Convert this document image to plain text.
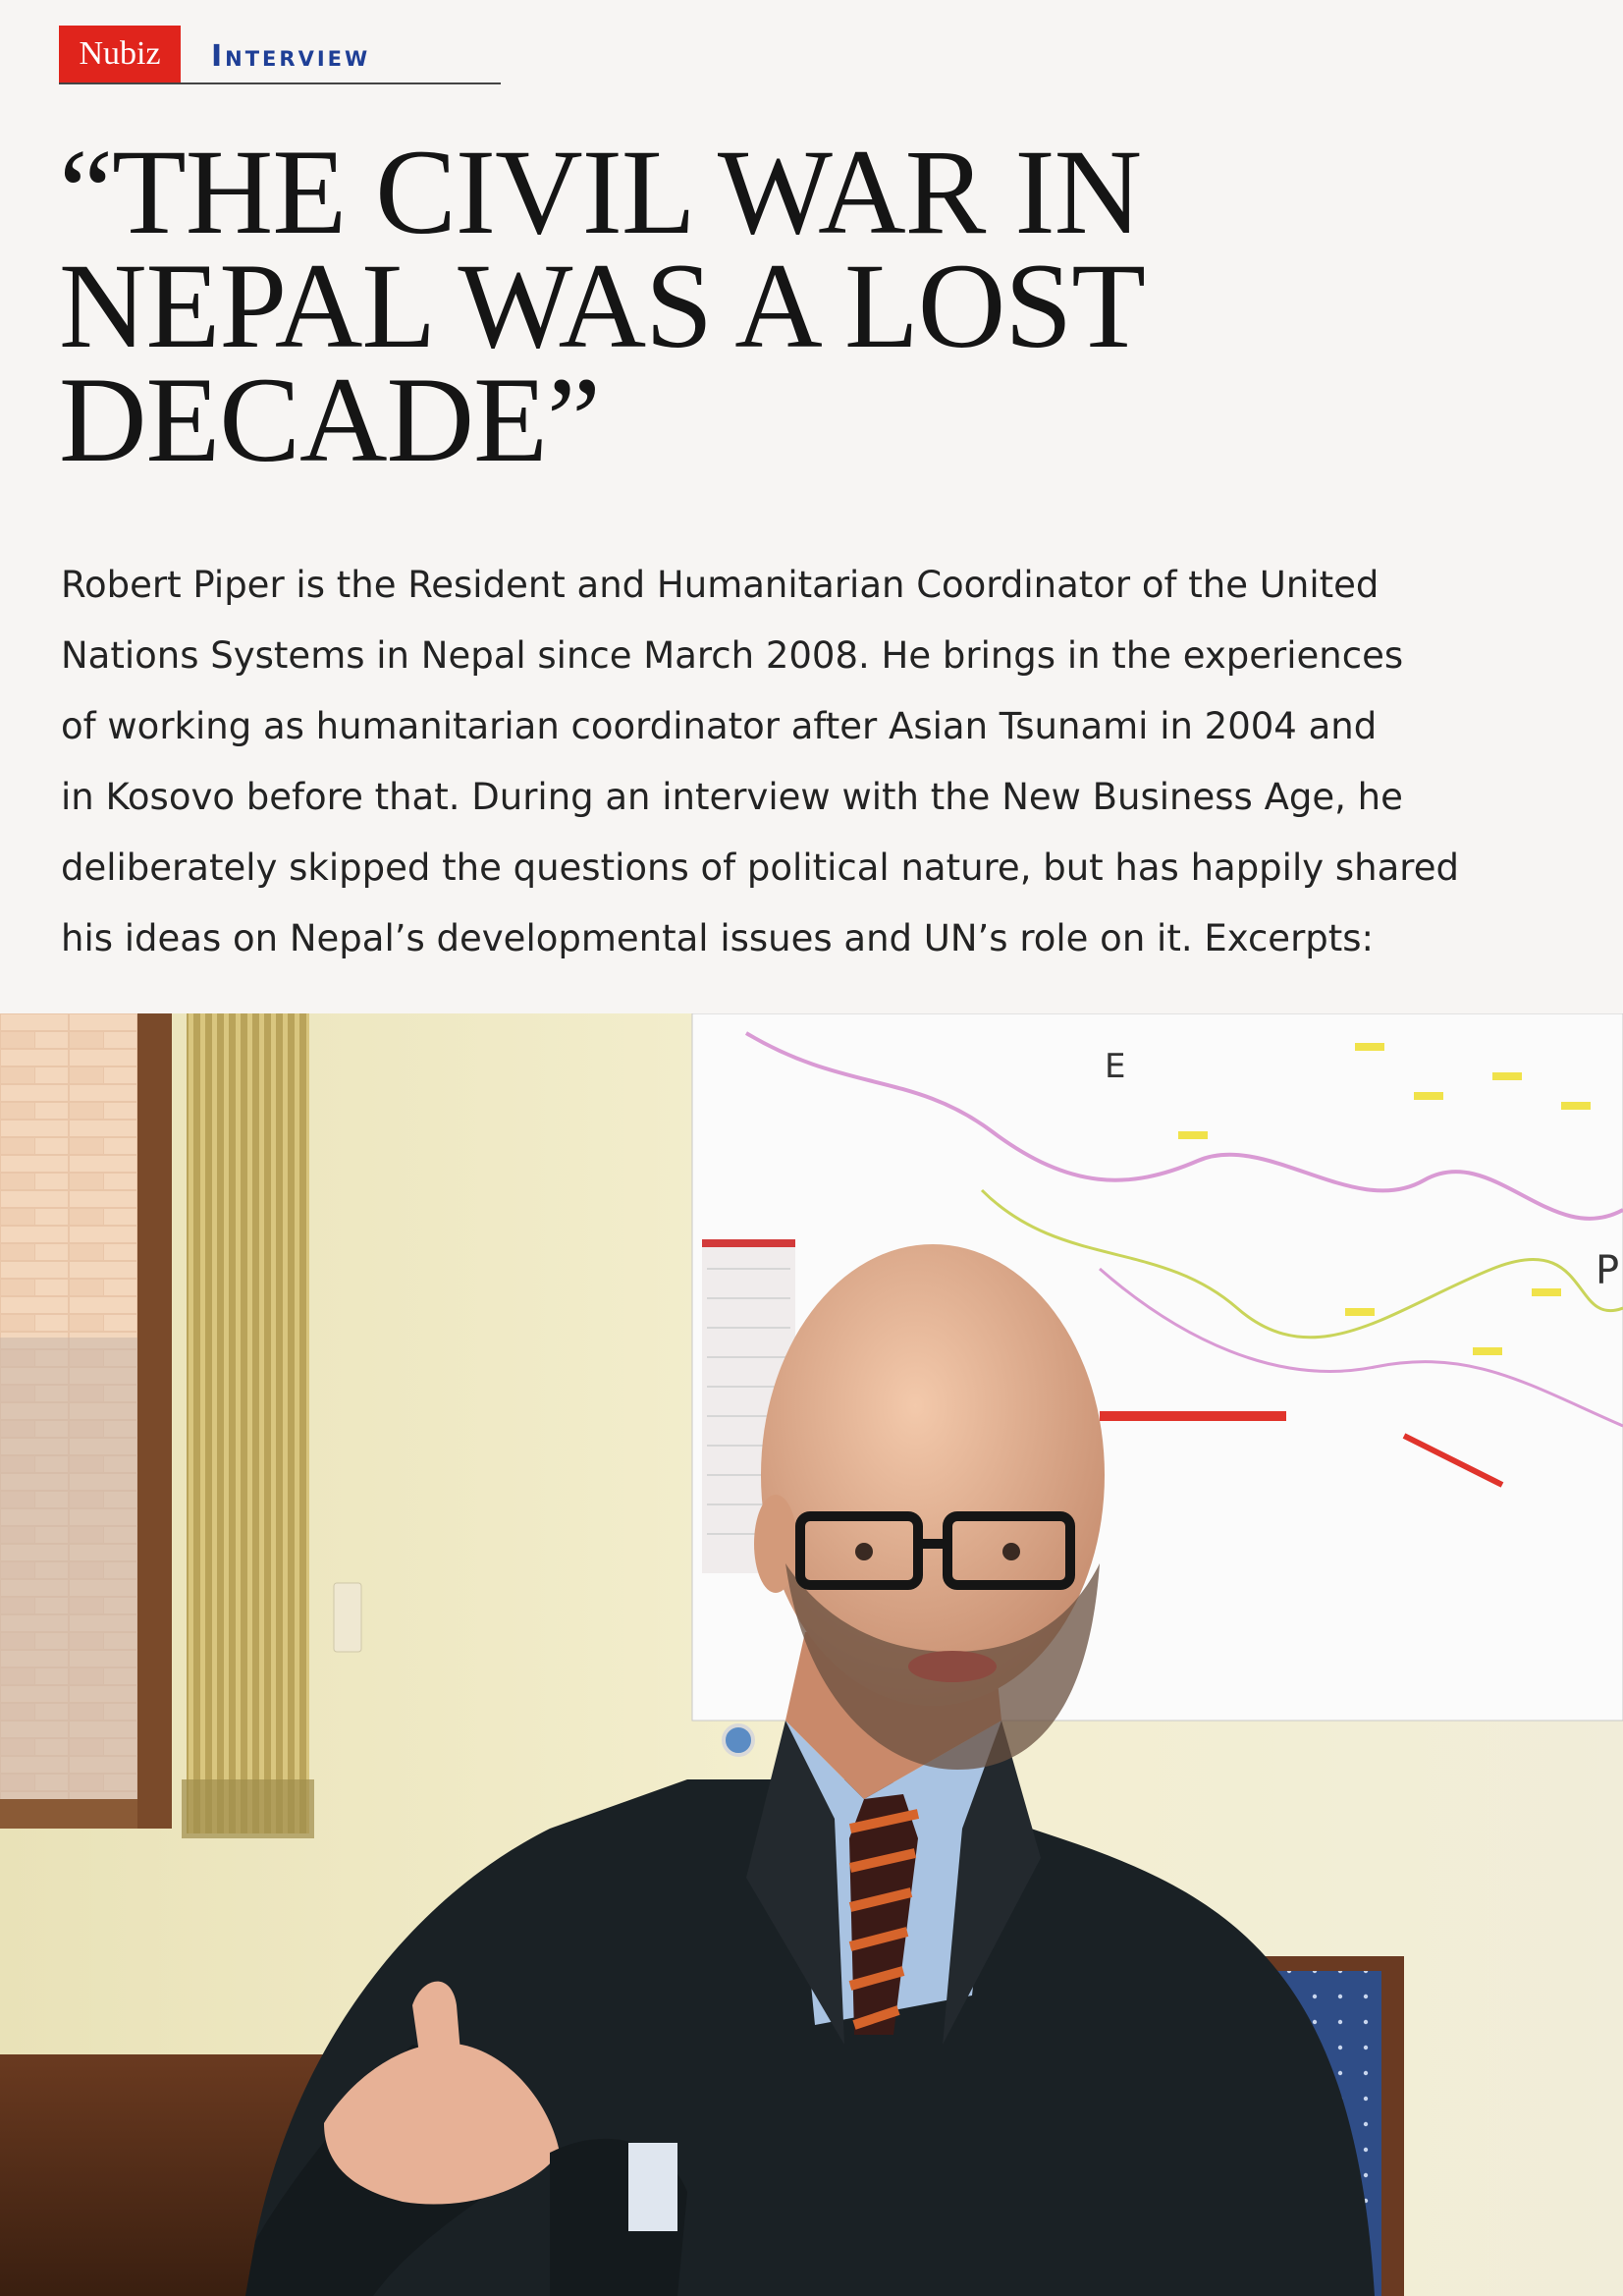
Nubiz	Interview
“THE CIVIL WAR IN
NEPAL WAS A LOST
DECADE”

Robert Piper is the Resident and Humanitarian Coordinator of the United
Nations Systems in Nepal since March 2008. He brings in the experiences
of working as humanitarian coordinator after Asian Tsunami in 2004 and
in Kosovo before that. During an interview with the New Business Age, he
deliberately skipped the questions of political nature, but has happily shared
his ideas on Nepal’s developmental issues and UN’s role on it. Excerpts:

E
P
